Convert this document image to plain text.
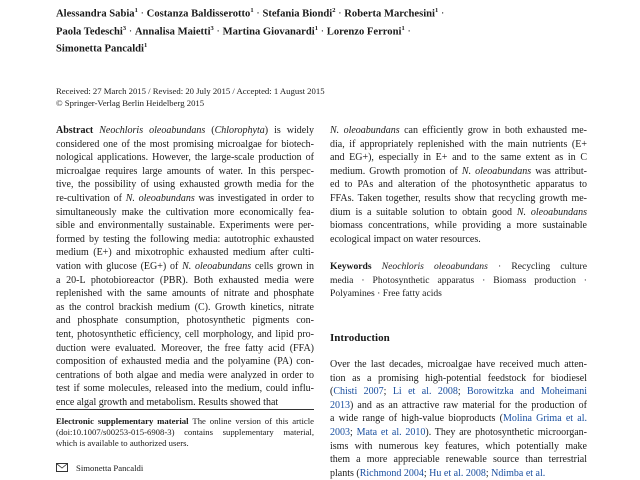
Alessandra Sabia$^1$ · Costanza Baldisserotto$^1$ · Stefania Biondi$^2$ · Roberta Marchesini$^1$ ·
Paola Tedeschi$^3$ · Annalisa Maietti$^3$ · Martina Giovanardi$^1$ · Lorenzo Ferroni$^1$ ·
Simonetta Pancaldi$^1$
Received: 27 March 2015 / Revised: 20 July 2015 / Accepted: 1 August 2015
© Springer-Verlag Berlin Heidelberg 2015
Abstract Neochloris oleoabundans (Chlorophyta) is widely
considered one of the most promising microalgae for biotech-
nological applications. However, the large-scale production of
microalgae requires large amounts of water. In this perspec-
tive, the possibility of using exhausted growth media for the
re-cultivation of N. oleoabundans was investigated in order to
simultaneously make the cultivation more economically fea-
sible and environmentally sustainable. Experiments were per-
formed by testing the following media: autotrophic exhausted
medium (E+) and mixotrophic exhausted medium after culti-
vation with glucose (EG+) of N. oleoabundans cells grown in
a 20-L photobioreactor (PBR). Both exhausted media were
replenished with the same amounts of nitrate and phosphate
as the control brackish medium (C). Growth kinetics, nitrate
and phosphate consumption, photosynthetic pigments con-
tent, photosynthetic efficiency, cell morphology, and lipid pro-
duction were evaluated. Moreover, the free fatty acid (FFA)
composition of exhausted media and the polyamine (PA) con-
centrations of both algae and media were analyzed in order to
test if some molecules, released into the medium, could influ-
ence algal growth and metabolism. Results showed that
N. oleoabundans can efficiently grow in both exhausted me-
dia, if appropriately replenished with the main nutrients (E+
and EG+), especially in E+ and to the same extent as in C
medium. Growth promotion of N. oleoabundans was attribut-
ed to PAs and alteration of the photosynthetic apparatus to
FFAs. Taken together, results show that recycling growth me-
dium is a suitable solution to obtain good N. oleoabundans
biomass concentrations, while providing a more sustainable
ecological impact on water resources.
Keywords Neochloris oleoabundans · Recycling culture
media · Photosynthetic apparatus · Biomass production ·
Polyamines · Free fatty acids
Introduction
Over the last decades, microalgae have received much atten-
tion as a promising high-potential feedstock for biodiesel
(Chisti 2007; Li et al. 2008; Borowitzka and Moheimani
2013) and as an attractive raw material for the production of
a wide range of high-value bioproducts (Molina Grima et al.
2003; Mata et al. 2010). They are photosynthetic microorgan-
isms with numerous key features, which potentially make
them a more appreciable renewable source than terrestrial
plants (Richmond 2004; Hu et al. 2008; Ndimba et al.
Electronic supplementary material The online version of this article
(doi:10.1007/s00253-015-6908-3) contains supplementary material,
which is available to authorized users.
Simonetta Pancaldi
